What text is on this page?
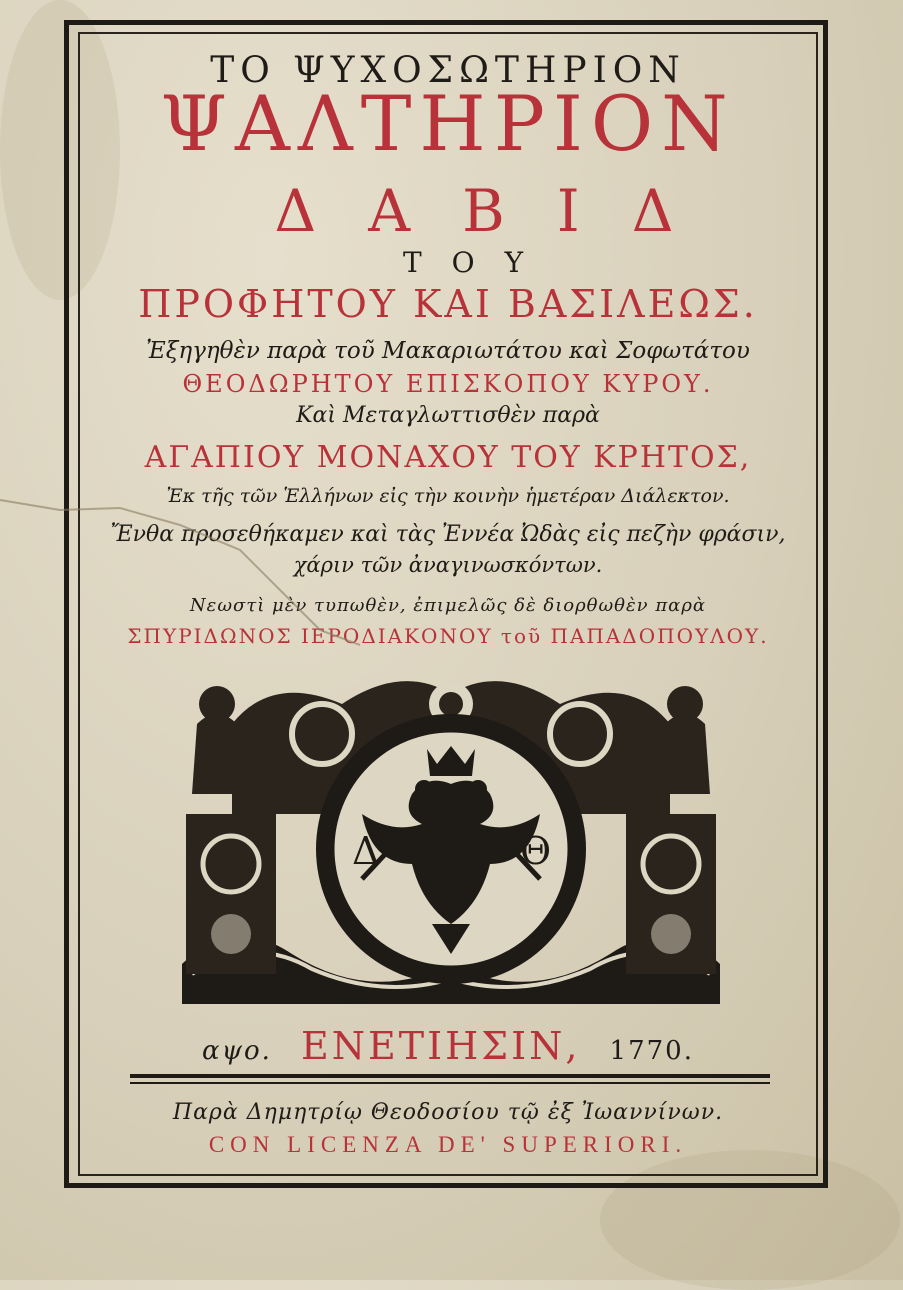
ΤΟ ΨΥΧΟΣΩΤΗΡΙΟΝ
ΨΑΛΤΗΡΙΟΝ
ΔΑΒΙΔ
ΤΟΥ
ΠΡΟΦΗΤΟΥ ΚΑΙ ΒΑΣΙΛΕΩΣ.
Ἐξηγηθὲν παρὰ τοῦ Μακαριωτάτου καὶ Σοφωτάτου
ΘΕΟΔΩΡΗΤΟΥ ΕΠΙΣΚΟΠΟΥ ΚΥΡΟΥ.
Καὶ Μεταγλωττισθὲν παρὰ
ΑΓΑΠΙΟΥ ΜΟΝΑΧΟΥ ΤΟΥ ΚΡΗΤΟΣ,
Ἐκ τῆς τῶν Ἑλλήνων εἰς τὴν κοινὴν ἡμετέραν Διάλεκτον.
Ἔνθα προσεθήκαμεν καὶ τὰς Ἐννέα Ὠδὰς εἰς πεζὴν φράσιν,
χάριν τῶν ἀναγινωσκόντων.
Νεωστὶ μὲν τυπωθὲν, ἐπιμελῶς δὲ διορθωθὲν παρὰ
ΣΠΥΡΙΔΩΝΟΣ ΙΕΡΟΔΙΑΚΟΝΟΥ τοῦ ΠΑΠΑΔΟΠΟΥΛΟΥ.
Δ	Θ
αψο. ΕΝΕΤΙΗΣΙΝ, 1770.
Παρὰ Δημητρίῳ Θεοδοσίου τῷ ἐξ Ἰωαννίνων.
CON LICENZA DE' SUPERIORI.
